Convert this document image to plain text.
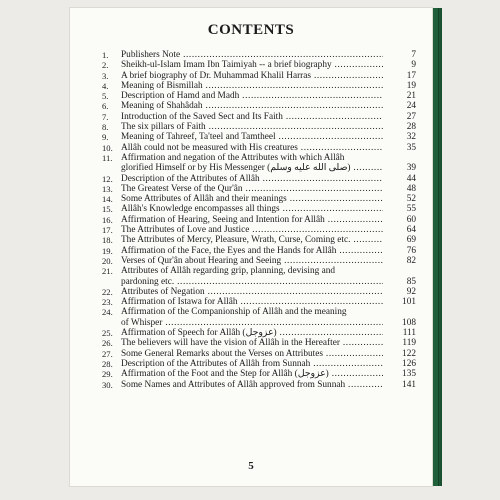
CONTENTS
1.	Publishers Note .....	7
2.	Sheikh-ul-Islam Imam Ibn Taimiyah -- a brief biography .....	9
3.	A brief biography of Dr. Muhammad Khalil Harras .....	17
4.	Meaning of Bismillah .....	19
5.	Description of Hamd and Madh .....	21
6.	Meaning of Shahâdah .....	24
7.	Introduction of the Saved Sect and Its Faith .....	27
8.	The six pillars of Faith .....	28
9.	Meaning of Tahreef, Ta'teel and Tamtheel .....	32
10. Allâh could not be measured with His creatures .....	35
11. Affirmation and negation of the Attributes with which Allâh
glorified Himself or by His Messenger (صلى الله عليه وسلم) .....	39
12. Description of the Attributes of Allâh .....	44
13. The Greatest Verse of the Qur'ân .....	48
14. Some Attributes of Allâh and their meanings .....	52
15. Allâh's Knowledge encompasses all things .....	55
16. Affirmation of Hearing, Seeing and Intention for Allâh .....	60
17. The Attributes of Love and Justice .....	64
18. The Attributes of Mercy, Pleasure, Wrath, Curse, Coming etc. .....	69
19. Affirmation of the Face, the Eyes and the Hands for Allâh .....	76
20. Verses of Qur'ân about Hearing and Seeing .....	82
21. Attributes of Allâh regarding grip, planning, devising and
pardoning etc. .....	85
22. Attributes of Negation .....	92
23. Affirmation of Istawa for Allâh .....	101
24. Affirmation of the Companionship of Allâh and the meaning
of Whisper .....	108
25. Affirmation of Speech for Allâh (عزوجل) .....	111
26. The believers will have the vision of Allâh in the Hereafter .....	119
27. Some General Remarks about the Verses on Attributes .....	122
28. Description of the Attributes of Allâh from Sunnah .....	126
29. Affirmation of the Foot and the Step for Allâh (عزوجل) .....	135
30. Some Names and Attributes of Allâh approved from Sunnah .....	141
5
